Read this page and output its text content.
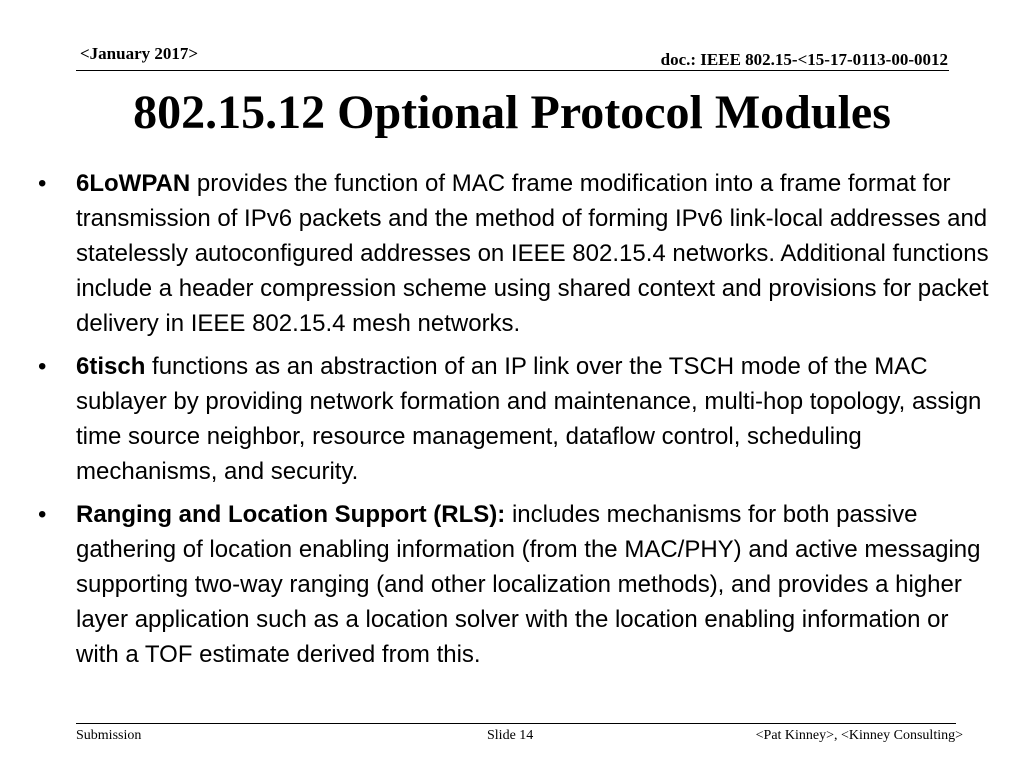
<January 2017>	doc.: IEEE 802.15-<15-17-0113-00-0012
802.15.12 Optional Protocol Modules
• 6LoWPAN provides the function of MAC frame modification into a frame format for transmission of IPv6 packets and the method of forming IPv6 link-local addresses and statelessly autoconfigured addresses on IEEE 802.15.4 networks. Additional functions include a header compression scheme using shared context and provisions for packet delivery in IEEE 802.15.4 mesh networks.
• 6tisch functions as an abstraction of an IP link over the TSCH mode of the MAC sublayer by providing network formation and maintenance, multi-hop topology, assign time source neighbor, resource management, dataflow control, scheduling mechanisms, and security.
• Ranging and Location Support (RLS): includes mechanisms for both passive gathering of location enabling information (from the MAC/PHY) and active messaging supporting two-way ranging (and other localization methods), and provides a higher layer application such as a location solver with the location enabling information or with a TOF estimate derived from this.
Submission	Slide 14	<Pat Kinney>, <Kinney Consulting>
